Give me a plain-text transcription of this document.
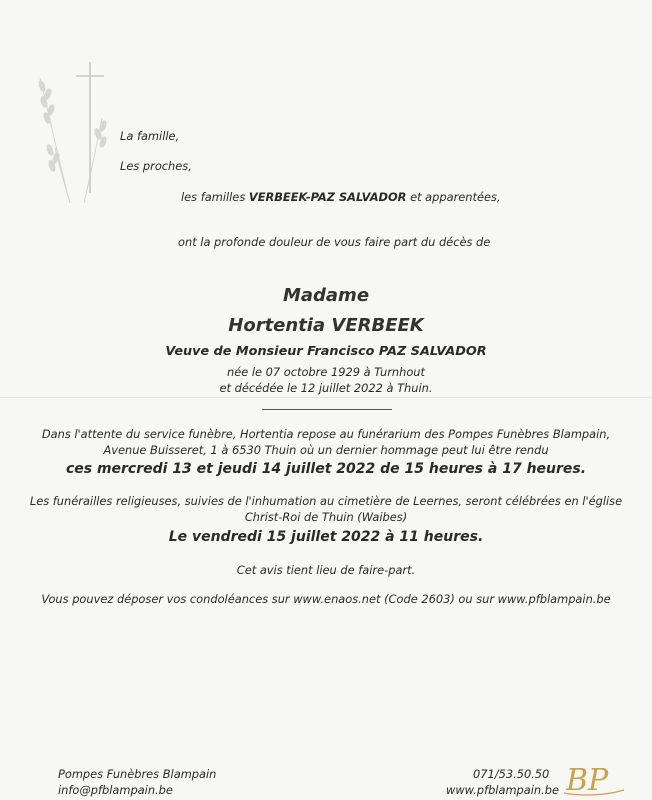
La famille,
Les proches,
les familles VERBEEK-PAZ SALVADOR et apparentées,
ont la profonde douleur de vous faire part du décès de
Madame
Hortentia VERBEEK
Veuve de Monsieur Francisco PAZ SALVADOR
née le 07 octobre 1929 à Turnhout
et décédée le 12 juillet 2022 à Thuin.
Dans l'attente du service funèbre, Hortentia repose au funérarium des Pompes Funèbres Blampain,
Avenue Buisseret, 1 à 6530 Thuin où un dernier hommage peut lui être rendu
ces mercredi 13 et jeudi 14 juillet 2022 de 15 heures à 17 heures.
Les funérailles religieuses, suivies de l'inhumation au cimetière de Leernes, seront célébrées en l'église
Christ-Roi de Thuin (Waibes)
Le vendredi 15 juillet 2022 à 11 heures.
Cet avis tient lieu de faire-part.
Vous pouvez déposer vos condoléances sur www.enaos.net (Code 2603) ou sur www.pfblampain.be
Pompes Funèbres Blampain
info@pfblampain.be
071/53.50.50
www.pfblampain.be BP
